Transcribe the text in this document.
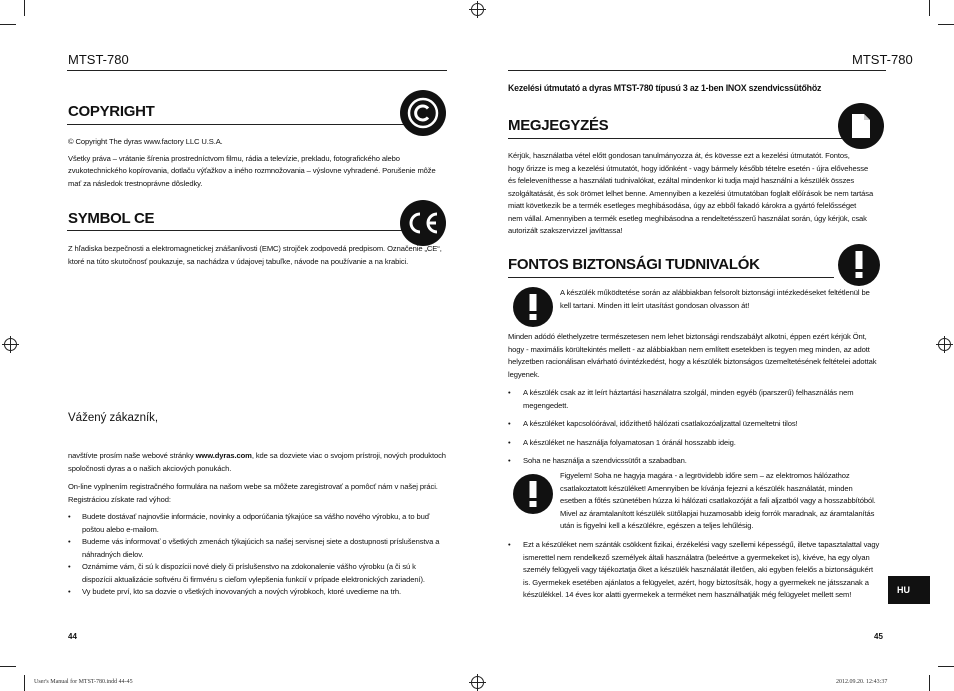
MTST-780
COPYRIGHT

© Copyright The dyras www.factory LLC U.S.A.

Všetky práva – vrátanie šírenia prostredníctvom filmu, rádia a televízie, prekladu, fotografického alebo zvukotechnického kopírovania, dotlaču výťažkov a iného rozmnožovania – výslovne vyhradené. Porušenie môže mať za následok trestnoprávne dôsledky.

SYMBOL CE
Z hľadiska bezpečnosti a elektromagnetickej znášanlivosti (EMC) strojček zodpovedá predpisom. Označenie „CE“, ktoré na túto skutočnosť poukazuje, sa nachádza v údajovej tabuľke, návode na používanie a na krabici.
Vážený zákazník,

navštívte prosím naše webové stránky www.dyras.com, kde sa dozviete viac o svojom prístroji, nových produktoch spoločnosti dyras a o našich akciových ponukách.

On-line vyplnením registračného formulára na našom webe sa môžete zaregistrovať a pomôcť nám v našej práci. Registráciou získate rad výhod:

• Budete dostávať najnovšie informácie, novinky a odporúčania týkajúce sa vášho nového výrobku, a to buď poštou alebo e-mailom.
• Budeme vás informovať o všetkých zmenách týkajúcich sa našej servisnej siete a dostupnosti príslušenstva a náhradných dielov.
• Oznámime vám, či sú k dispozícii nové diely či príslušenstvo na zdokonalenie vášho výrobku (a či sú k dispozícii aktualizácie softvéru či firmvéru s cieľom vylepšenia funkcií v prípade elektronických zariadení).
• Vy budete prví, kto sa dozvie o všetkých inovovaných a nových výrobkoch, ktoré uvedieme na trh.
44
MTST-780
Kezelési útmutató a dyras MTST-780 típusú 3 az 1-ben INOX szendvicssütőhöz
MEGJEGYZÉS

Kérjük, használatba vétel előtt gondosan tanulmányozza át, és kövesse ezt a kezelési útmutatót. Fontos,

hogy őrizze is meg a kezelési útmutatót, hogy időnként - vagy bármely később tételre esetén - újra elővehesse

és feleleveníthesse a használati tudnivalókat, ezáltal mindenkor ki tudja majd használni a készülék összes

szolgáltatását, és sok örömet lelhet benne. Amennyiben a kezelési útmutatóban foglalt előírások be nem tartása

miatt következik be a termék esetleges meghibásodása, úgy az ebből fakadó károkra a gyártó felelősséget

nem vállal. Amennyiben a termék esetleg meghibásodna a rendeltetésszerű használat során, úgy kérjük, csak

autorizált szakszervizzel javíttassa!

FONTOS BIZTONSÁGI TUDNIVALÓK

A készülék működtetése során az alábbiakban felsorolt biztonsági intézkedéseket feltétlenül be

kell tartani. Minden itt leírt utasítást gondosan olvasson át!

Minden adódó élethelyzetre természetesen nem lehet biztonsági rendszabályt alkotni, éppen ezért kérjük Önt,

hogy - maximális körültekintés mellett - az alábbiakban nem említett esetekben is tegyen meg minden, az adott

helyzetben racionálisan elvárható óvintézkedést, hogy a készülék biztonságos üzemeltetésének feltételei adottak

legyenek.

• A készülék csak az itt leírt háztartási használatra szolgál, minden egyéb (iparszerű) felhasználás nem megengedett.
• A készüléket kapcsolóórával, időzíthető hálózati csatlakozóaljzattal üzemeltetni tilos!
• A készüléket ne használja folyamatosan 1 óránál hosszabb ideig.
• Soha ne használja a szendvicssütőt a szabadban.

Figyelem! Soha ne hagyja magára - a legrövidebb időre sem – az elektromos hálózathoz

csatlakoztatott készüléket! Amennyiben be kívánja fejezni a készülék használatát, minden

esetben a főtés szünetében húzza ki hálózati csatlakozóját a fali aljzatból vagy a hosszabbítóból.

Mivel az áramtalanított készülék sütőlapjai huzamosabb ideig forrók maradnak, az áramtalanítás

után is figyelni kell a készülékre, egészen a teljes lehűlésig.

• Ezt a készüléket nem szánták csökkent fizikai, érzékelési vagy szellemi képességű, illetve tapasztalattal vagy ismerettel nem rendelkező személyek általi használatra (beleértve a gyermekeket is), kivéve, ha egy olyan személy felügyeli vagy tájékoztatja őket a készülék használatát illetően, aki egyben felelős a biztonságukért is. Gyermekek esetében ajánlatos a felügyelet, azért, hogy biztosítsák, hogy a gyermekek ne játsszanak a készülékkel. 14 éves kor alatti gyermekek a terméket nem használhatják még felügyelet mellett sem!	HU
45
User's Manual for MTST-780.indd 44-45	2012.09.20. 12:43:37
